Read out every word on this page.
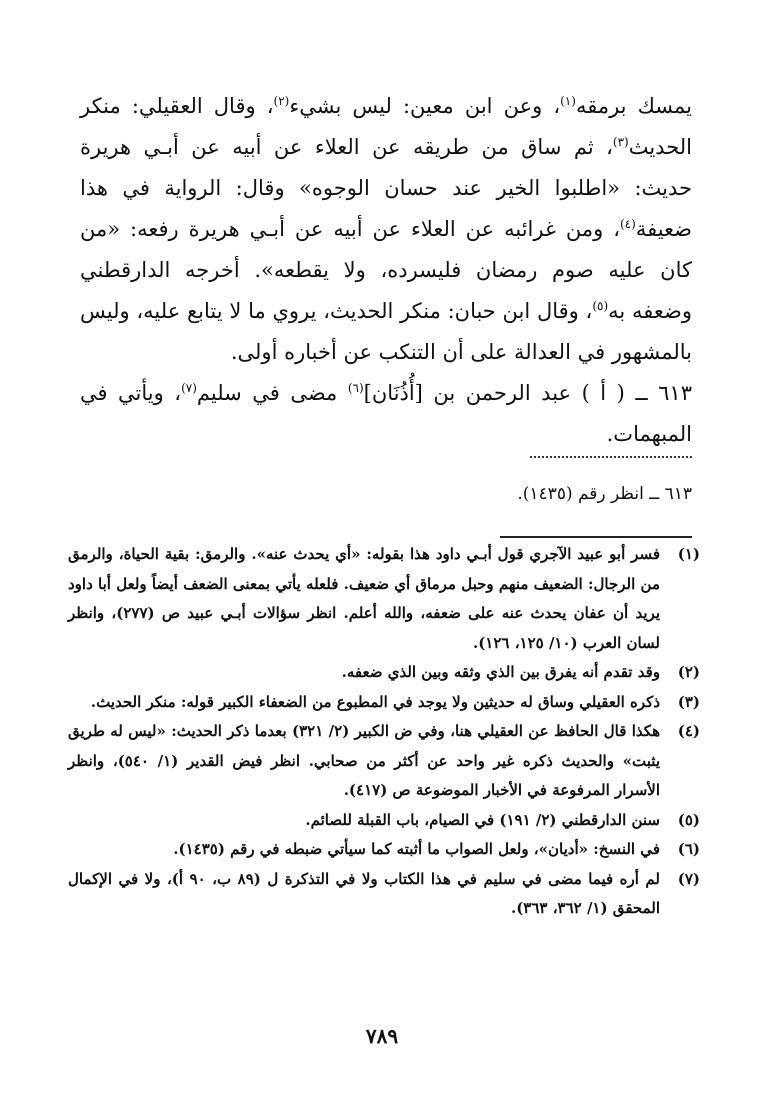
يمسك برمقه$^{(١)}$، وعن ابن معين: ليس بشيء$^{(٢)}$، وقال العقيلي: منكر الحديث$^{(٣)}$، ثم ساق من طريقه عن العلاء عن أبيه عن أبـي هريرة حديث: «اطلبوا الخير عند حسان الوجوه» وقال: الرواية في هذا ضعيفة$^{(٤)}$، ومن غرائبه عن العلاء عن أبيه عن أبـي هريرة رفعه: «من كان عليه صوم رمضان فليسرده، ولا يقطعه». أخرجه الدارقطني وضعفه به$^{(٥)}$، وقال ابن حبان: منكر الحديث، يروي ما لا يتابع عليه، وليس بالمشهور في العدالة على أن التنكب عن أخباره أولى.

٦١٣ ــ ( أ ) عبد الرحمن بن [أُذُنَان]$^{(٦)}$ مضى في سليم$^{(٧)}$، ويأتي في المبهمات.

٦١٣ ــ انظر رقم (١٤٣٥).
(١)
فسر أبو عبيد الآجري قول أبـي داود هذا بقوله: «أي يحدث عنه». والرمق: بقية الحياة، والرمق من الرجال: الضعيف منهم وحبل مرماق أي ضعيف. فلعله يأتي بمعنى الضعف أيضاً ولعل أبا داود يريد أن عفان يحدث عنه على ضعفه، والله أعلم. انظر سؤالات أبـي عبيد ص (٢٧٧)، وانظر لسان العرب (١٠/ ١٢٥، ١٢٦).
(٢)
وقد تقدم أنه يفرق بين الذي وثقه وبين الذي ضعفه.
(٣)
ذكره العقيلي وساق له حديثين ولا يوجد في المطبوع من الضعفاء الكبير قوله: منكر الحديث.
(٤)
هكذا قال الحافظ عن العقيلي هنا، وفي ض الكبير (٢/ ٣٢١) بعدما ذكر الحديث: «ليس له طريق يثبت» والحديث ذكره غير واحد عن أكثر من صحابي. انظر فيض القدير (١/ ٥٤٠)، وانظر الأسرار المرفوعة في الأخبار الموضوعة ص (٤١٧).
(٥)
سنن الدارقطني (٢/ ١٩١) في الصيام، باب القبلة للصائم.
(٦)
في النسخ: «أديان»، ولعل الصواب ما أثبته كما سيأتي ضبطه في رقم (١٤٣٥).
(٧)
لم أره فيما مضى في سليم في هذا الكتاب ولا في التذكرة ل (٨٩ ب، ٩٠ أ)، ولا في الإكمال المحقق (١/ ٣٦٢، ٣٦٣).
٧٨٩
